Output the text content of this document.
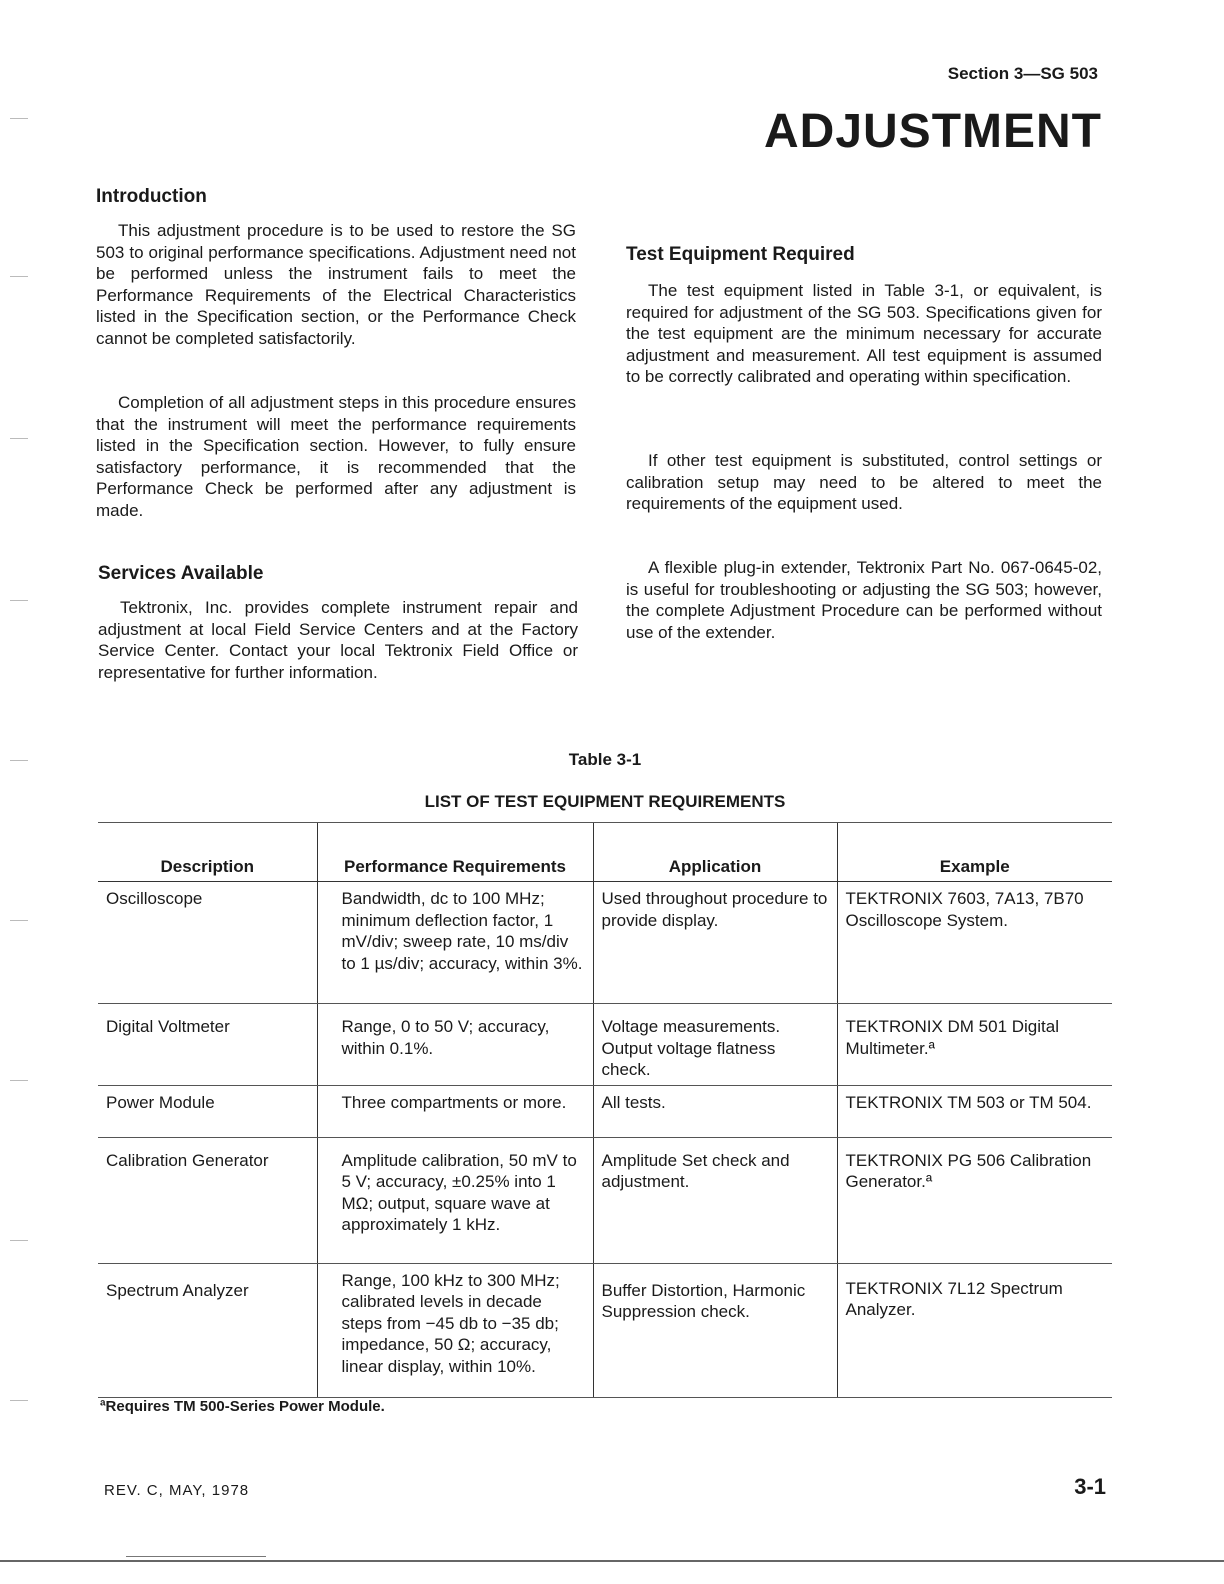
Section 3—SG 503
ADJUSTMENT
Introduction

This adjustment procedure is to be used to restore the SG 503 to original performance specifications. Adjustment need not be performed unless the instrument fails to meet the Performance Requirements of the Electrical Characteristics listed in the Specification section, or the Performance Check cannot be completed satisfactorily.

Completion of all adjustment steps in this procedure ensures that the instrument will meet the performance requirements listed in the Specification section. However, to fully ensure satisfactory performance, it is recommended that the Performance Check be performed after any adjustment is made.

Services Available

Tektronix, Inc. provides complete instrument repair and adjustment at local Field Service Centers and at the Factory Service Center. Contact your local Tektronix Field Office or representative for further information.

Test Equipment Required

The test equipment listed in Table 3-1, or equivalent, is required for adjustment of the SG 503. Specifications given for the test equipment are the minimum necessary for accurate adjustment and measurement. All test equipment is assumed to be correctly calibrated and operating within specification.

If other test equipment is substituted, control settings or calibration setup may need to be altered to meet the requirements of the equipment used.

A flexible plug-in extender, Tektronix Part No. 067-0645-02, is useful for troubleshooting or adjusting the SG 503; however, the complete Adjustment Procedure can be performed without use of the extender.

Table 3-1
LIST OF TEST EQUIPMENT REQUIREMENTS
Description	Performance Requirements	Application	Example
Oscilloscope	Bandwidth, dc to 100 MHz; minimum deflection factor, 1 mV/div; sweep rate, 10 ms/div to 1 µs/div; accuracy, within 3%.	Used throughout procedure to provide display.	TEKTRONIX 7603, 7A13, 7B70 Oscilloscope System.
Digital Voltmeter	Range, 0 to 50 V; accuracy, within 0.1%.	Voltage measurements. Output voltage flatness check.	TEKTRONIX DM 501 Digital Multimeter.ª
Power Module	Three compartments or more.	All tests.	TEKTRONIX TM 503 or TM 504.
Calibration Generator	Amplitude calibration, 50 mV to 5 V; accuracy, ±0.25% into 1 MΩ; output, square wave at approximately 1 kHz.	Amplitude Set check and adjustment.	TEKTRONIX PG 506 Calibration Generator.ª
Spectrum Analyzer	Range, 100 kHz to 300 MHz; calibrated levels in decade steps from −45 db to −35 db; impedance, 50 Ω; accuracy, linear display, within 10%.	Buffer Distortion, Harmonic Suppression check.	TEKTRONIX 7L12 Spectrum Analyzer.
ªRequires TM 500-Series Power Module.
REV. C, MAY, 1978	3-1
